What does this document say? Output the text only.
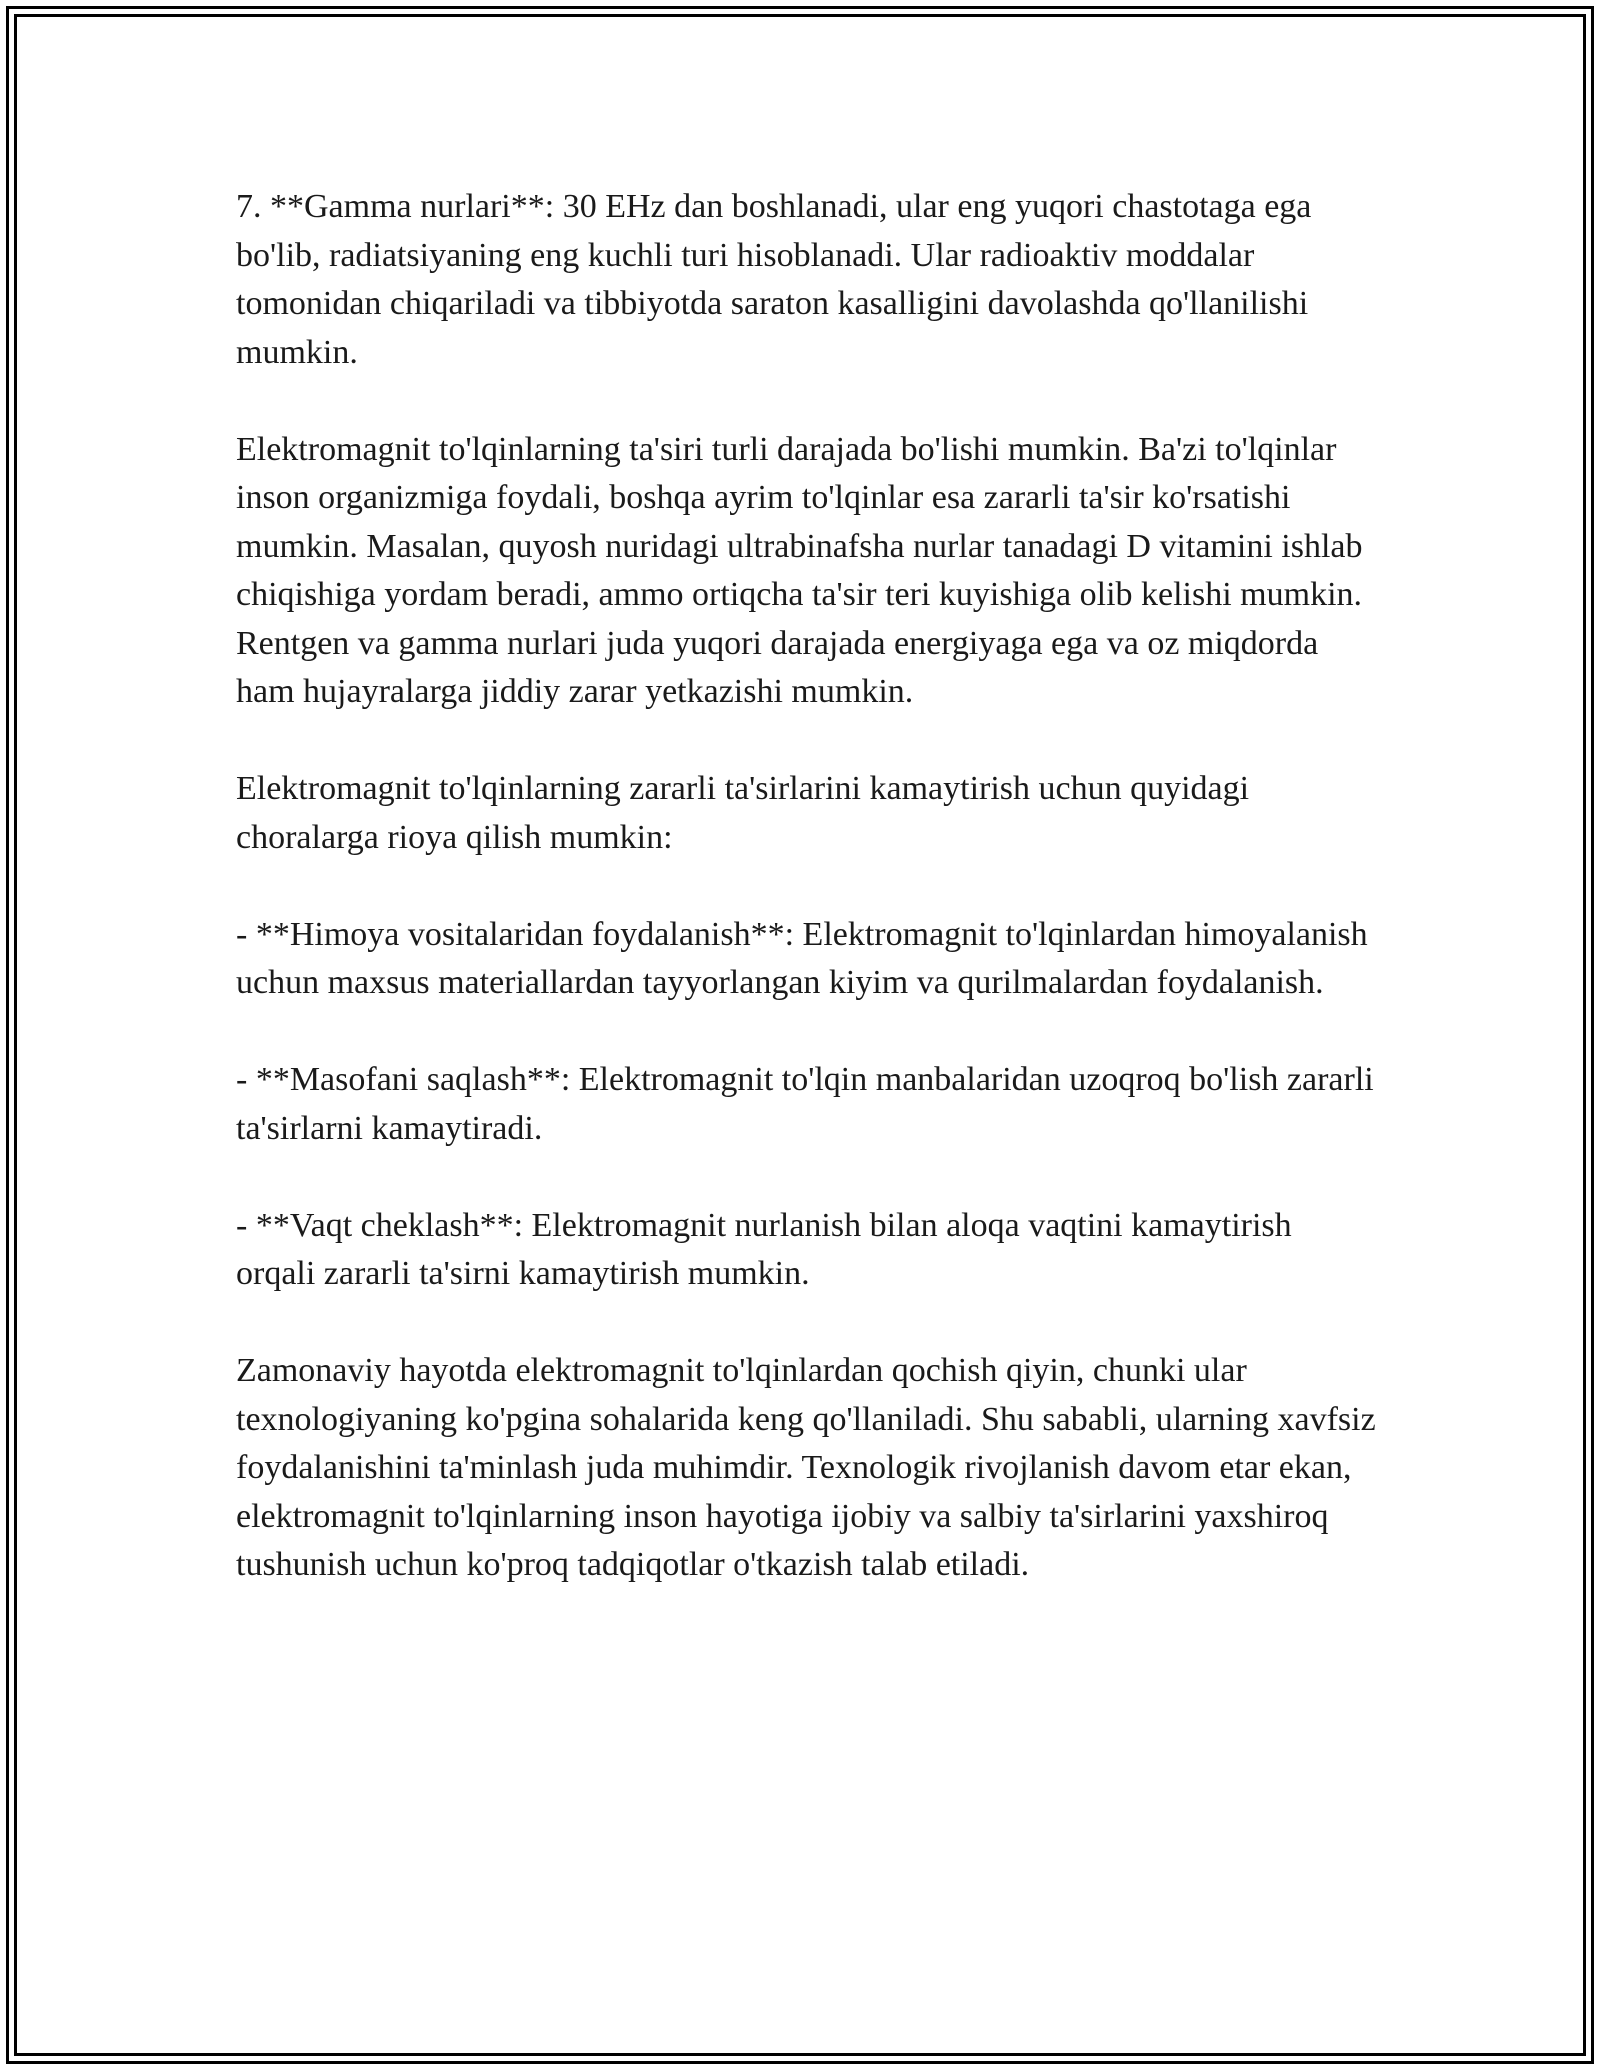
7. **Gamma nurlari**: 30 EHz dan boshlanadi, ular eng yuqori chastotaga ega bo'lib, radiatsiyaning eng kuchli turi hisoblanadi. Ular radioaktiv moddalar tomonidan chiqariladi va tibbiyotda saraton kasalligini davolashda qo'llanilishi mumkin.

Elektromagnit to'lqinlarning ta'siri turli darajada bo'lishi mumkin. Ba'zi to'lqinlar inson organizmiga foydali, boshqa ayrim to'lqinlar esa zararli ta'sir ko'rsatishi mumkin. Masalan, quyosh nuridagi ultrabinafsha nurlar tanadagi D vitamini ishlab chiqishiga yordam beradi, ammo ortiqcha ta'sir teri kuyishiga olib kelishi mumkin. Rentgen va gamma nurlari juda yuqori darajada energiyaga ega va oz miqdorda ham hujayralarga jiddiy zarar yetkazishi mumkin.

Elektromagnit to'lqinlarning zararli ta'sirlarini kamaytirish uchun quyidagi choralarga rioya qilish mumkin:

- **Himoya vositalaridan foydalanish**: Elektromagnit to'lqinlardan himoyalanish uchun maxsus materiallardan tayyorlangan kiyim va qurilmalardan foydalanish.

- **Masofani saqlash**: Elektromagnit to'lqin manbalaridan uzoqroq bo'lish zararli ta'sirlarni kamaytiradi.

- **Vaqt cheklash**: Elektromagnit nurlanish bilan aloqa vaqtini kamaytirish orqali zararli ta'sirni kamaytirish mumkin.

Zamonaviy hayotda elektromagnit to'lqinlardan qochish qiyin, chunki ular texnologiyaning ko'pgina sohalarida keng qo'llaniladi. Shu sababli, ularning xavfsiz foydalanishini ta'minlash juda muhimdir. Texnologik rivojlanish davom etar ekan, elektromagnit to'lqinlarning inson hayotiga ijobiy va salbiy ta'sirlarini yaxshiroq tushunish uchun ko'proq tadqiqotlar o'tkazish talab etiladi.
